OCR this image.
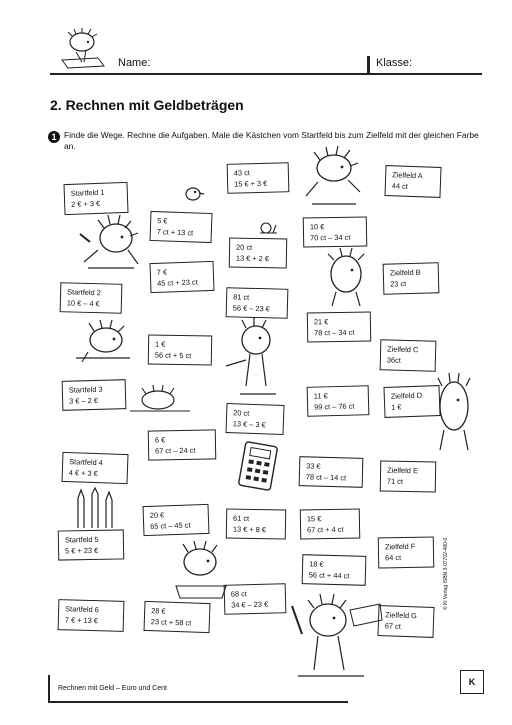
Name:	Klasse:
2. Rechnen mit Geldbeträgen
1 Finde die Wege. Rechne die Aufgaben. Male die Kästchen vom Startfeld bis zum Zielfeld mit der gleichen Farbe an.
Startfeld 1
2 € + 3 €
Startfeld 2
10 € – 4 €
Startfeld 3
3 € – 2 €
Startfeld 4
4 € + 3 €
Startfeld 5
5 € + 23 €
Startfeld 6
7 € + 13 €
Zielfeld A
44 ct
Zielfeld B
23 ct
Zielfeld C
36ct
Zielfeld D
1 €
Zielfeld E
71 ct
Zielfeld F
64 ct
Zielfeld G
67 ct
43 ct
15 € + 3 €
5 €
7 ct + 13 ct
10 €
70 ct – 34 ct
20 ct
13 € + 2 €
7 €
45 ct + 23 ct
81 ct
56 € – 23 €
21 €
78 ct – 34 ct
1 €
56 ct + 5 ct
11 €
99 ct – 76 ct
20 ct
13 € – 3 €
6 €
67 ct – 24 ct
33 €
78 ct – 14 ct
20 €
65 ct – 45 ct
61 ct
13 € + 8 €
15 €
67 ct + 4 ct
18 €
56 ct + 44 ct
68 ct
34 € – 23 €
28 €
23 ct + 58 ct
Rechnen mit Geld – Euro und Cent
© Kl Verlag ISBN 3-07702-480-0
K
